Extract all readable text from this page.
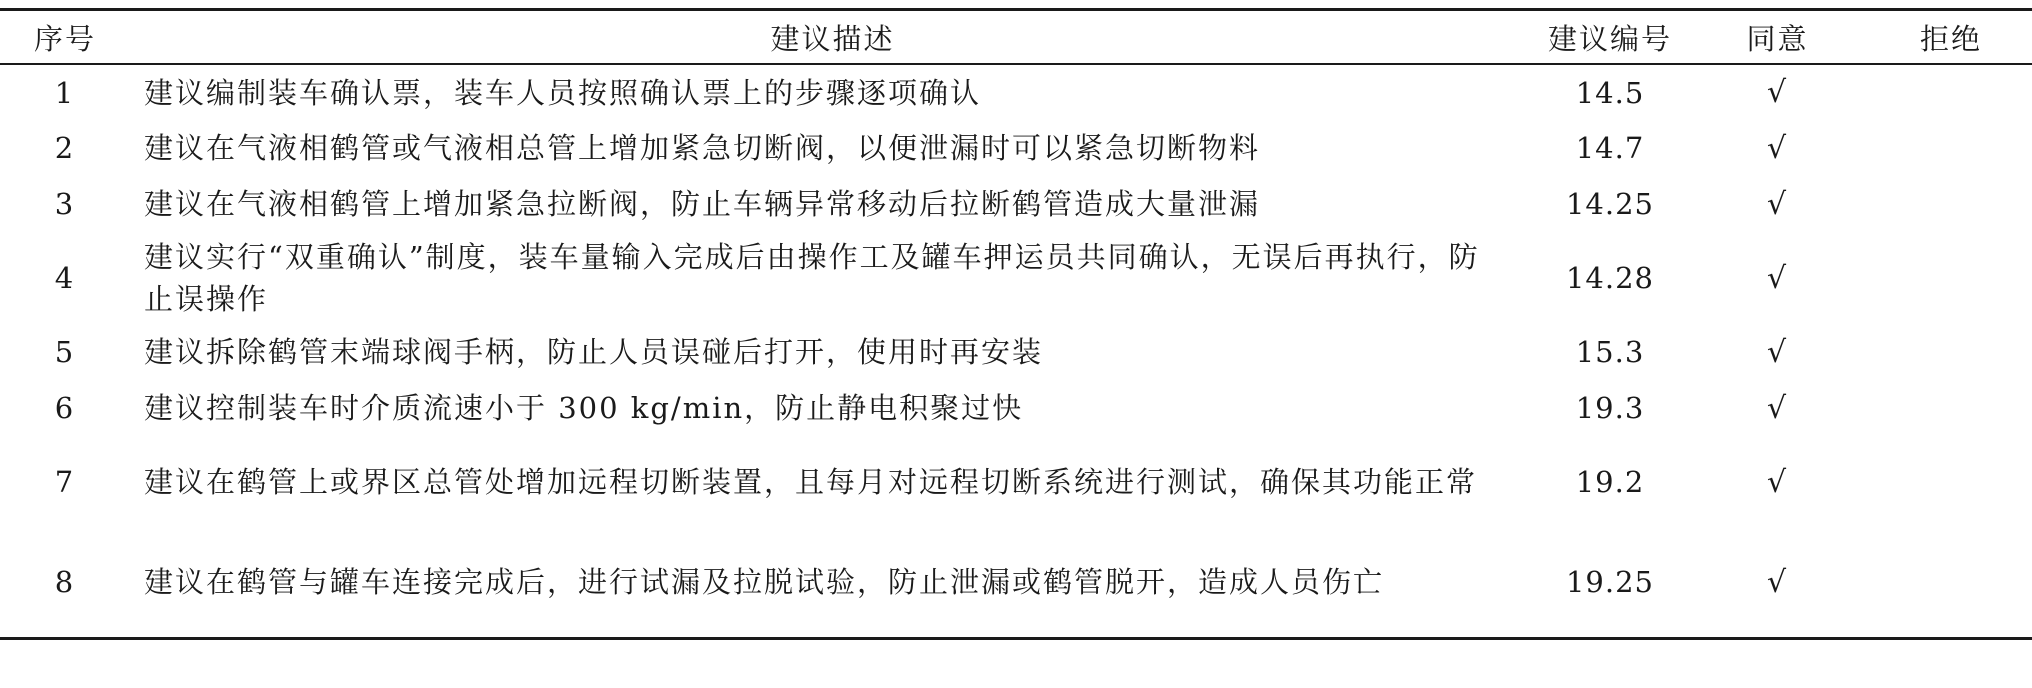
序号	建议描述	建议编号	同意	拒绝
1	建议编制装车确认票，装车人员按照确认票上的步骤逐项确认	14.5	√	
2	建议在气液相鹤管或气液相总管上增加紧急切断阀，以便泄漏时可以紧急切断物料	14.7	√	
3	建议在气液相鹤管上增加紧急拉断阀，防止车辆异常移动后拉断鹤管造成大量泄漏	14.25	√	
4	建议实行“双重确认”制度，装车量输入完成后由操作工及罐车押运员共同确认，无误后再执行，防止误操作	14.28	√	
5	建议拆除鹤管末端球阀手柄，防止人员误碰后打开，使用时再安装	15.3	√	
6	建议控制装车时介质流速小于 300 kg/min，防止静电积聚过快	19.3	√	
7	建议在鹤管上或界区总管处增加远程切断装置，且每月对远程切断系统进行测试，确保其功能正常	19.2	√	
8	建议在鹤管与罐车连接完成后，进行试漏及拉脱试验，防止泄漏或鹤管脱开，造成人员伤亡	19.25	√	
